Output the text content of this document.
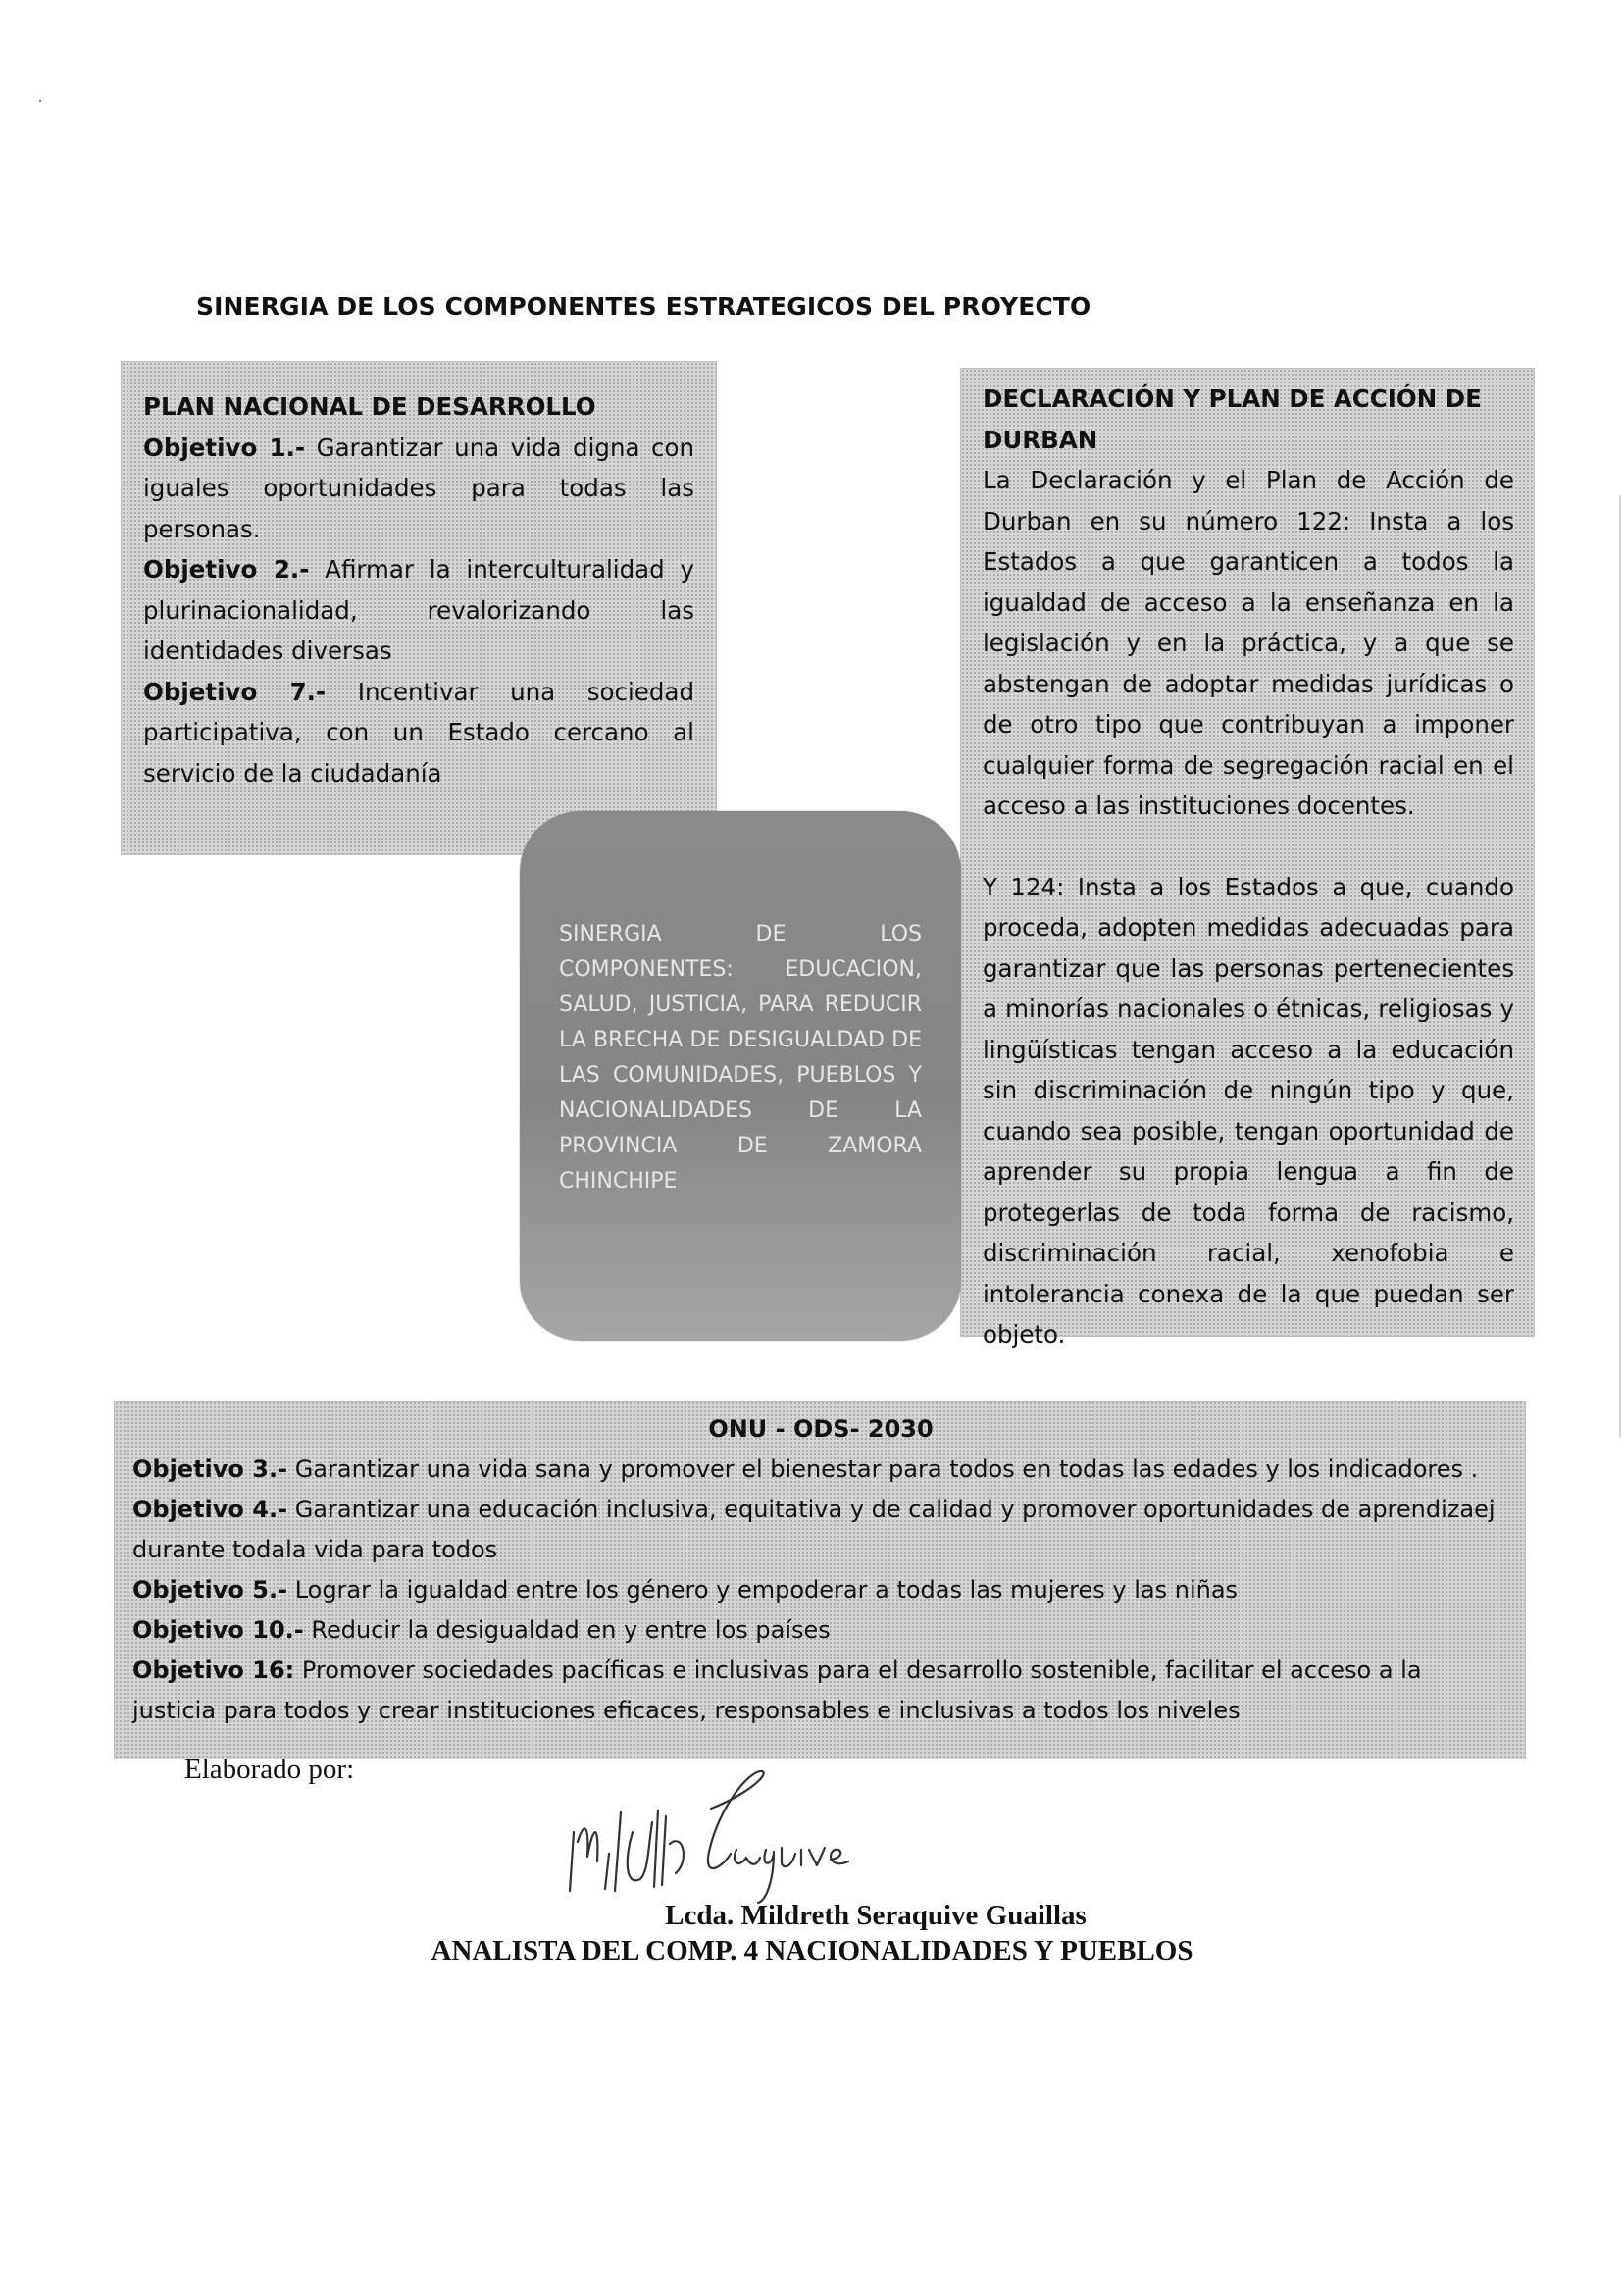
SINERGIA DE LOS COMPONENTES ESTRATEGICOS DEL PROYECTO

PLAN NACIONAL DE DESARROLLO

Objetivo 1.- Garantizar una vida digna con iguales oportunidades para todas las personas.

Objetivo 2.- Afirmar la interculturalidad y plurinacionalidad, revalorizando las identidades diversas

Objetivo 7.- Incentivar una sociedad participativa, con un Estado cercano al servicio de la ciudadanía

DECLARACIÓN Y PLAN DE ACCIÓN DE DURBAN

La Declaración y el Plan de Acción de Durban en su número 122: Insta a los Estados a que garanticen a todos la igualdad de acceso a la enseñanza en la legislación y en la práctica, y a que se abstengan de adoptar medidas jurídicas o de otro tipo que contribuyan a imponer cualquier forma de segregación racial en el acceso a las instituciones docentes.

Y 124: Insta a los Estados a que, cuando proceda, adopten medidas adecuadas para garantizar que las personas pertenecientes a minorías nacionales o étnicas, religiosas y lingüísticas tengan acceso a la educación sin discriminación de ningún tipo y que, cuando sea posible, tengan oportunidad de aprender su propia lengua a fin de protegerlas de toda forma de racismo, discriminación racial, xenofobia e intolerancia conexa de la que puedan ser objeto.

SINERGIA DE LOS COMPONENTES: EDUCACION, SALUD, JUSTICIA, PARA REDUCIR LA BRECHA DE DESIGUALDAD DE LAS COMUNIDADES, PUEBLOS Y NACIONALIDADES DE LA PROVINCIA DE ZAMORA CHINCHIPE

ONU - ODS- 2030

Objetivo 3.- Garantizar una vida sana y promover el bienestar para todos en todas las edades y los indicadores .

Objetivo 4.- Garantizar una educación inclusiva, equitativa y de calidad y promover oportunidades de aprendizaej durante todala vida para todos

Objetivo 5.- Lograr la igualdad entre los género y empoderar a todas las mujeres y las niñas

Objetivo 10.- Reducir la desigualdad en y entre los países

Objetivo 16: Promover sociedades pacíficas e inclusivas para el desarrollo sostenible, facilitar el acceso a la justicia para todos y crear instituciones eficaces, responsables e inclusivas a todos los niveles

Elaborado por:
Lcda. Mildreth Seraquive Guaillas
ANALISTA DEL COMP. 4 NACIONALIDADES Y PUEBLOS
